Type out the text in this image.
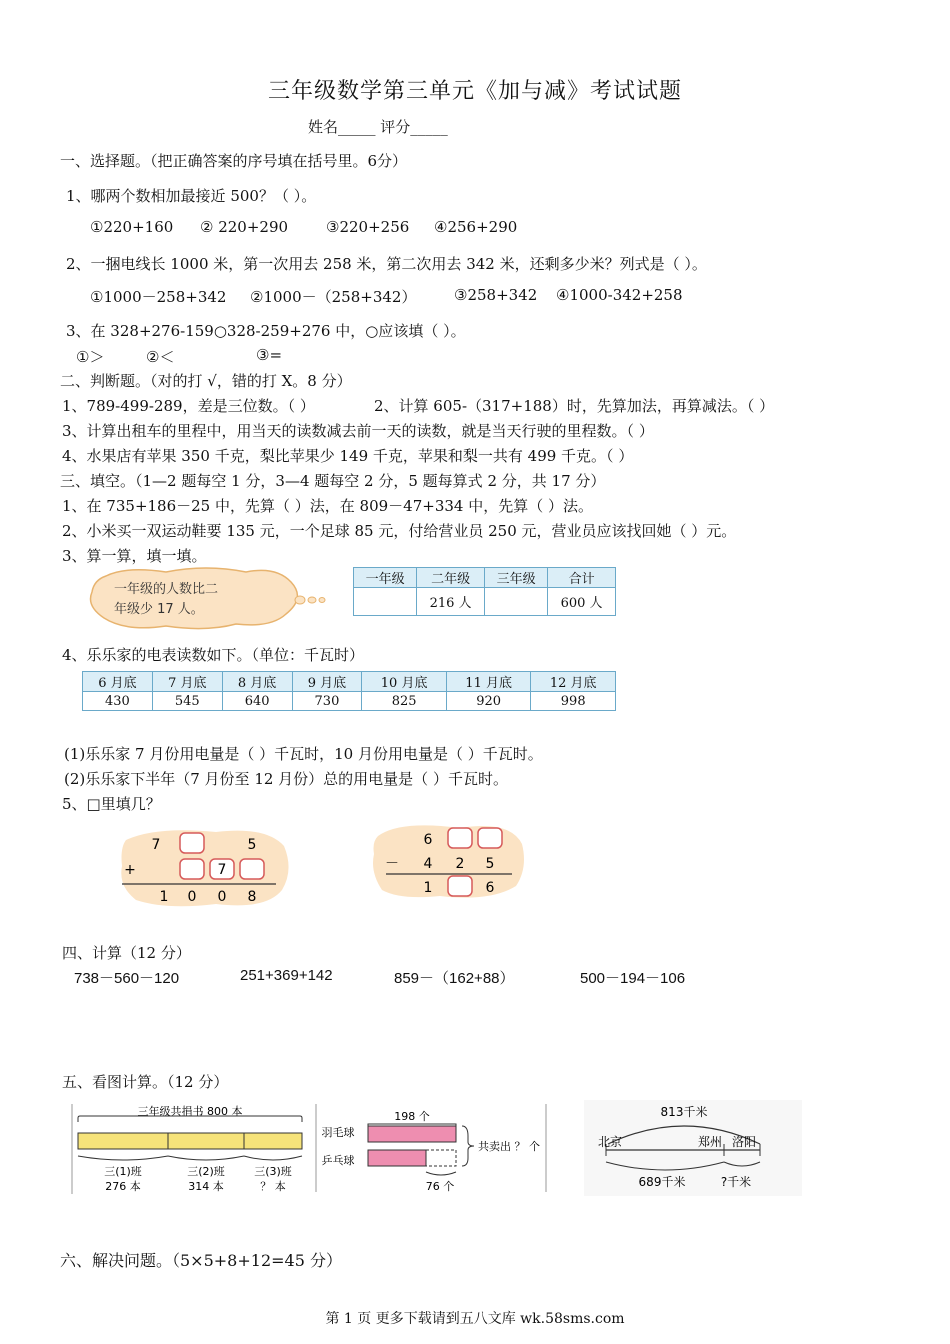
三年级数学第三单元《加与减》考试试题
姓名_____ 评分_____
一、选择题。（把正确答案的序号填在括号里。6分）
1、哪两个数相加最接近 500？（ ）。
①220+160 ② 220+290	③220+256 ④256+290
2、一捆电线长 1000 米，第一次用去 258 米，第二次用去 342 米，还剩多少米？列式是（ ）。
①1000－258+342 ②1000－（258+342）	③258+342 ④1000-342+258
3、在 328+276-159○328-259+276 中，○应该填（ ）。
①＞	②＜	③=
二、判断题。（对的打 √，错的打 X。8 分）
1、789-499-289，差是三位数。（ ）	2、计算 605-（317+188）时，先算加法，再算减法。（ ）
3、计算出租车的里程中，用当天的读数减去前一天的读数，就是当天行驶的里程数。（ ）
4、水果店有苹果 350 千克，梨比苹果少 149 千克，苹果和梨一共有 499 千克。（ ）
三、填空。（1—2 题每空 1 分，3—4 题每空 2 分，5 题每算式 2 分，共 17 分）
1、在 735+186－25 中，先算（ ）法，在 809－47+334 中，先算（ ）法。
2、小米买一双运动鞋要 135 元，一个足球 85 元，付给营业员 250 元，营业员应该找回她（ ）元。
3、算一算，填一填。
一年级的人数比二
年级少 17 人。
一年级	二年级	三年级	合计
	216 人		600 人
4、乐乐家的电表读数如下。（单位：千瓦时）
6 月底	7 月底	8 月底	9 月底	10 月底	11 月底	12 月底
430	545	640	730	825	920	998
(1)乐乐家 7 月份用电量是（ ）千瓦时，10 月份用电量是（ ）千瓦时。
(2)乐乐家下半年（7 月份至 12 月份）总的用电量是（ ）千瓦时。
5、□里填几？
7	5
+	7
1 0 0 8
6
－ 4 2 5
1	6
四、计算（12 分）
738－560－120	251+369+142	859－（162+88）	500－194－106
五、看图计算。（12 分）
三年级共捐书 800 本
三(1)班	三(2)班	三(3)班
276 本	314 本	？ 本
198 个
羽毛球
乒乓球
76 个
共卖出 ？ 个
813千米
北京	郑州 洛阳
689千米	?千米
六、解决问题。（5×5+8+12=45 分）
第 1 页 更多下载请到五八文库 wk.58sms.com
